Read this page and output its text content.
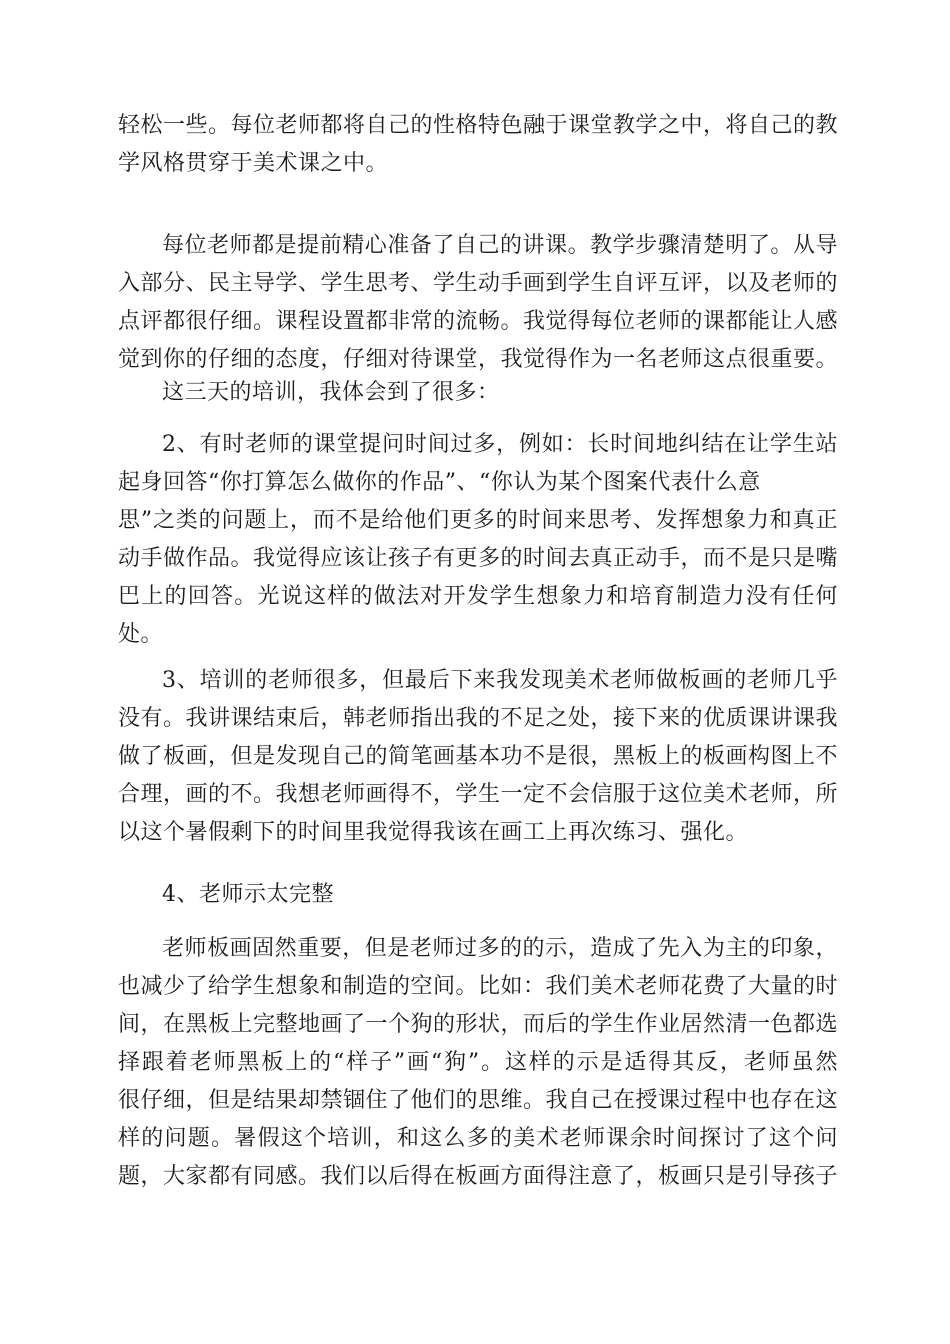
轻松一些。每位老师都将自己的性格特色融于课堂教学之中，将自己的教
学风格贯穿于美术课之中。
每位老师都是提前精心准备了自己的讲课。教学步骤清楚明了。从导
入部分、民主导学、学生思考、学生动手画到学生自评互评，以及老师的
点评都很仔细。课程设置都非常的流畅。我觉得每位老师的课都能让人感
觉到你的仔细的态度，仔细对待课堂，我觉得作为一名老师这点很重要。
这三天的培训，我体会到了很多：
2、有时老师的课堂提问时间过多，例如：长时间地纠结在让学生站
起身回答“你打算怎么做你的作品”、“你认为某个图案代表什么意
思”之类的问题上，而不是给他们更多的时间来思考、发挥想象力和真正
动手做作品。我觉得应该让孩子有更多的时间去真正动手，而不是只是嘴
巴上的回答。光说这样的做法对开发学生想象力和培育制造力没有任何
处。
3、培训的老师很多，但最后下来我发现美术老师做板画的老师几乎
没有。我讲课结束后，韩老师指出我的不足之处，接下来的优质课讲课我
做了板画，但是发现自己的简笔画基本功不是很，黑板上的板画构图上不
合理，画的不。我想老师画得不，学生一定不会信服于这位美术老师，所
以这个暑假剩下的时间里我觉得我该在画工上再次练习、强化。
4、老师示太完整
老师板画固然重要，但是老师过多的的示，造成了先入为主的印象，
也减少了给学生想象和制造的空间。比如：我们美术老师花费了大量的时
间，在黑板上完整地画了一个狗的形状，而后的学生作业居然清一色都选
择跟着老师黑板上的“样子”画“狗”。这样的示是适得其反，老师虽然
很仔细，但是结果却禁锢住了他们的思维。我自己在授课过程中也存在这
样的问题。暑假这个培训，和这么多的美术老师课余时间探讨了这个问
题，大家都有同感。我们以后得在板画方面得注意了，板画只是引导孩子
